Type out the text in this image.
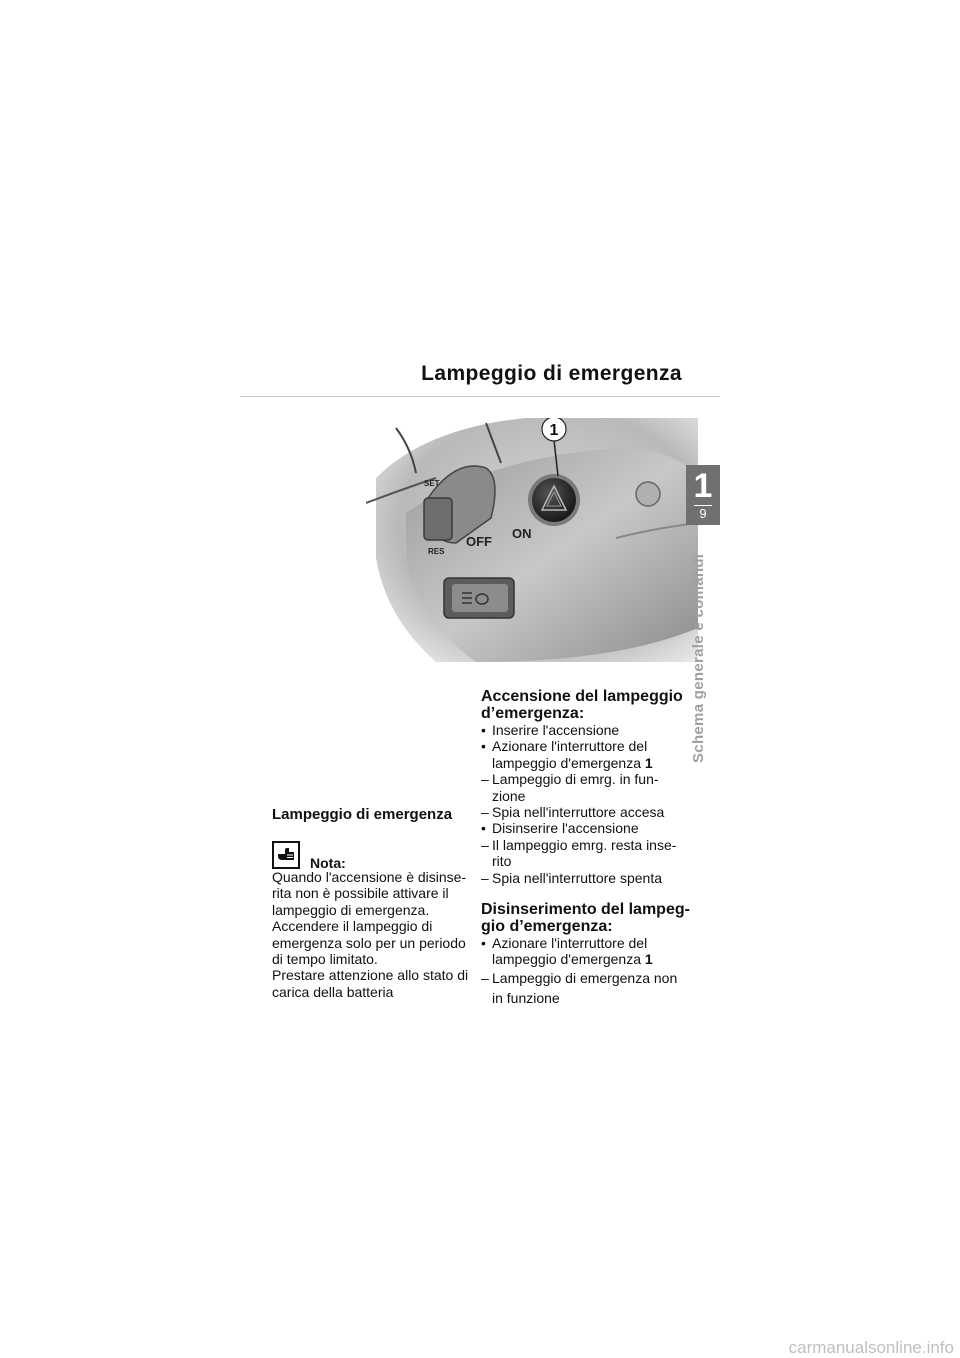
Lampeggio di emergenza
SET
RES
OFF
ON
1
1
9
Schema generale e comandi
Lampeggio di emergenza
Nota:

Quando l'accensione è disinse-

rita non è possibile attivare il

lampeggio di emergenza.

Accendere il lampeggio di

emergenza solo per un periodo

di tempo limitato.

Prestare attenzione allo stato di

carica della batteria

Accensione del lampeggio
d’emergenza:
• Inserire l'accensione
• Azionare l'interruttore del
lampeggio d'emergenza 1
– Lampeggio di emrg. in fun-
zione
– Spia nell'interruttore accesa
• Disinserire l'accensione
– Il lampeggio emrg. resta inse-
rito
– Spia nell'interruttore spenta
Disinserimento del lampeg-
gio d’emergenza:
• Azionare l'interruttore del
lampeggio d'emergenza 1
– Lampeggio di emergenza non
in funzione
carmanualsonline.info
